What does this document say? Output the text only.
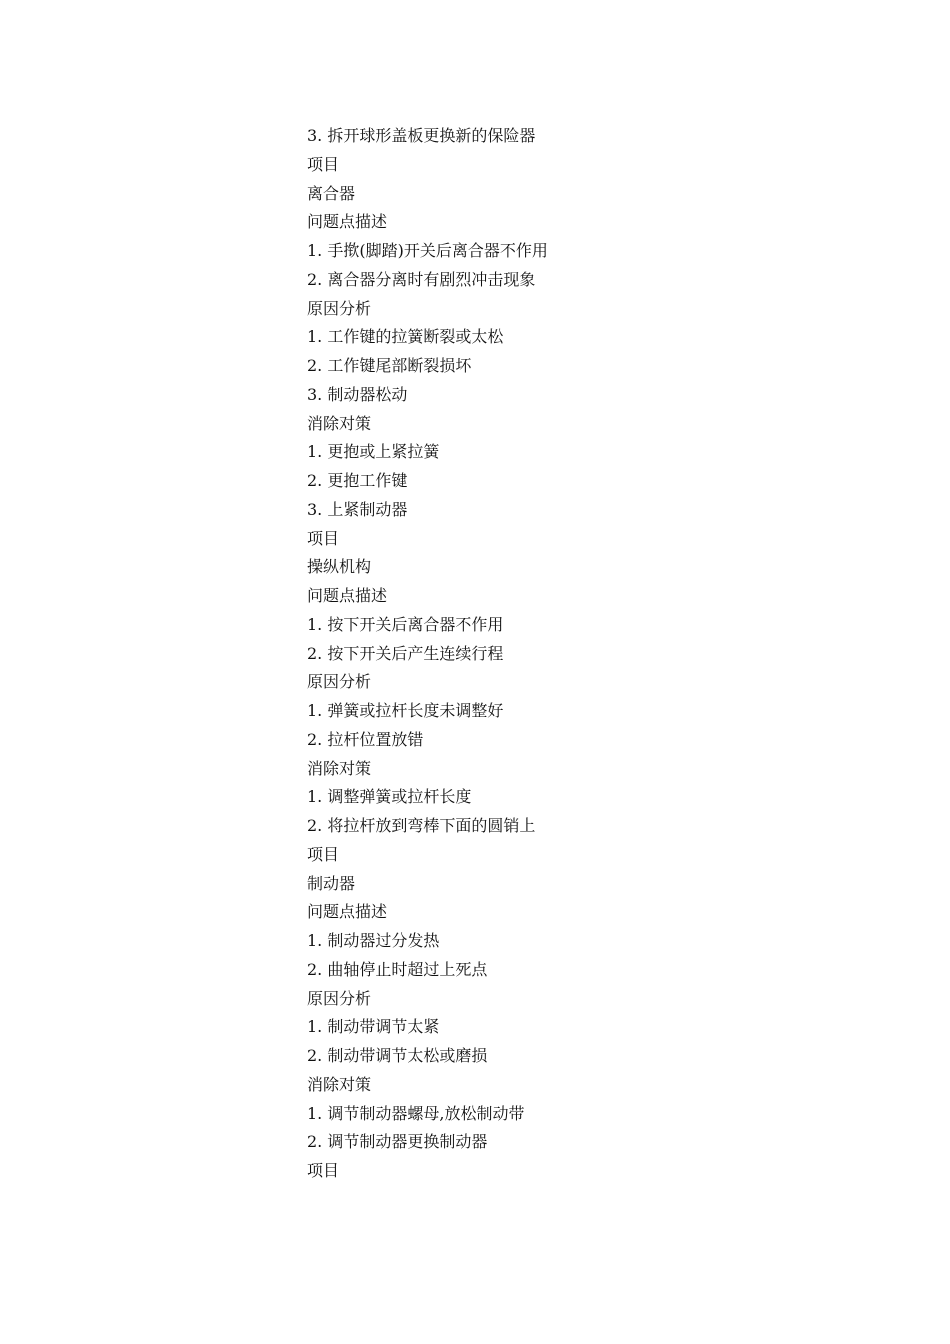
3. 拆开球形盖板更换新的保险器
项目
离合器
问题点描述
1. 手揿(脚踏)开关后离合器不作用
2. 离合器分离时有剧烈冲击现象
原因分析
1. 工作键的拉簧断裂或太松
2. 工作键尾部断裂损坏
3. 制动器松动
消除对策
1. 更抱或上紧拉簧
2. 更抱工作键
3. 上紧制动器
项目
操纵机构
问题点描述
1. 按下开关后离合器不作用
2. 按下开关后产生连续行程
原因分析
1. 弹簧或拉杆长度未调整好
2. 拉杆位置放错
消除对策
1. 调整弹簧或拉杆长度
2. 将拉杆放到弯棒下面的圆销上
项目
制动器
问题点描述
1. 制动器过分发热
2. 曲轴停止时超过上死点
原因分析
1. 制动带调节太紧
2. 制动带调节太松或磨损
消除对策
1. 调节制动器螺母,放松制动带
2. 调节制动器更换制动器
项目
